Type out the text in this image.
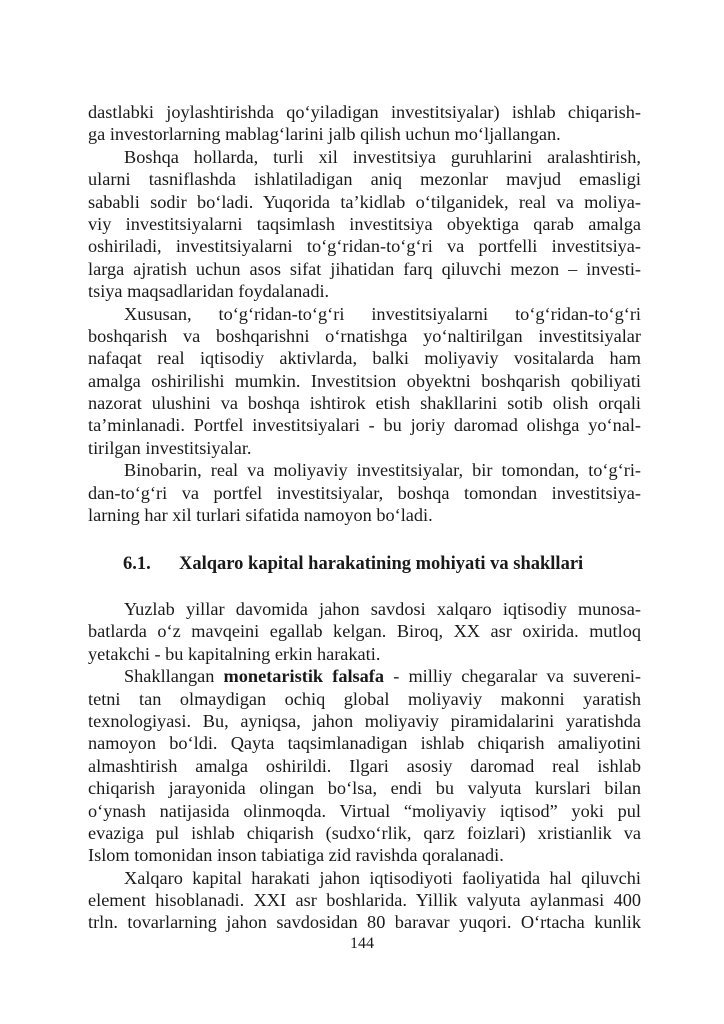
dastlabki joylashtirishda qo‘yiladigan investitsiyalar) ishlab chiqarish-
ga investorlarning mablag‘larini jalb qilish uchun mo‘ljallangan.
Boshqa hollarda, turli xil investitsiya guruhlarini aralashtirish,
ularni tasniflashda ishlatiladigan aniq mezonlar mavjud emasligi
sababli sodir bo‘ladi. Yuqorida ta’kidlab o‘tilganidek, real va moliya-
viy investitsiyalarni taqsimlash investitsiya obyektiga qarab amalga
oshiriladi, investitsiyalarni to‘g‘ridan-to‘g‘ri va portfelli investitsiya-
larga ajratish uchun asos sifat jihatidan farq qiluvchi mezon – investi-
tsiya maqsadlaridan foydalanadi.
Xususan, to‘g‘ridan-to‘g‘ri investitsiyalarni to‘g‘ridan-to‘g‘ri
boshqarish va boshqarishni o‘rnatishga yo‘naltirilgan investitsiyalar
nafaqat real iqtisodiy aktivlarda, balki moliyaviy vositalarda ham
amalga oshirilishi mumkin. Investitsion obyektni boshqarish qobiliyati
nazorat ulushini va boshqa ishtirok etish shakllarini sotib olish orqali
ta’minlanadi. Portfel investitsiyalari - bu joriy daromad olishga yo‘nal-
tirilgan investitsiyalar.
Binobarin, real va moliyaviy investitsiyalar, bir tomondan, to‘g‘ri-
dan-to‘g‘ri va portfel investitsiyalar, boshqa tomondan investitsiya-
larning har xil turlari sifatida namoyon bo‘ladi.
6.1. Xalqaro kapital harakatining mohiyati va shakllari
Yuzlab yillar davomida jahon savdosi xalqaro iqtisodiy munosa-
batlarda o‘z mavqeini egallab kelgan. Biroq, XX asr oxirida. mutloq
yetakchi - bu kapitalning erkin harakati.
Shakllangan monetaristik falsafa - milliy chegaralar va suvereni-
tetni tan olmaydigan ochiq global moliyaviy makonni yaratish
texnologiyasi. Bu, ayniqsa, jahon moliyaviy piramidalarini yaratishda
namoyon bo‘ldi. Qayta taqsimlanadigan ishlab chiqarish amaliyotini
almashtirish amalga oshirildi. Ilgari asosiy daromad real ishlab
chiqarish jarayonida olingan bo‘lsa, endi bu valyuta kurslari bilan
o‘ynash natijasida olinmoqda. Virtual “moliyaviy iqtisod” yoki pul
evaziga pul ishlab chiqarish (sudxo‘rlik, qarz foizlari) xristianlik va
Islom tomonidan inson tabiatiga zid ravishda qoralanadi.
Xalqaro kapital harakati jahon iqtisodiyoti faoliyatida hal qiluvchi
element hisoblanadi. XXI asr boshlarida. Yillik valyuta aylanmasi 400
trln. tovarlarning jahon savdosidan 80 baravar yuqori. O‘rtacha kunlik
144
